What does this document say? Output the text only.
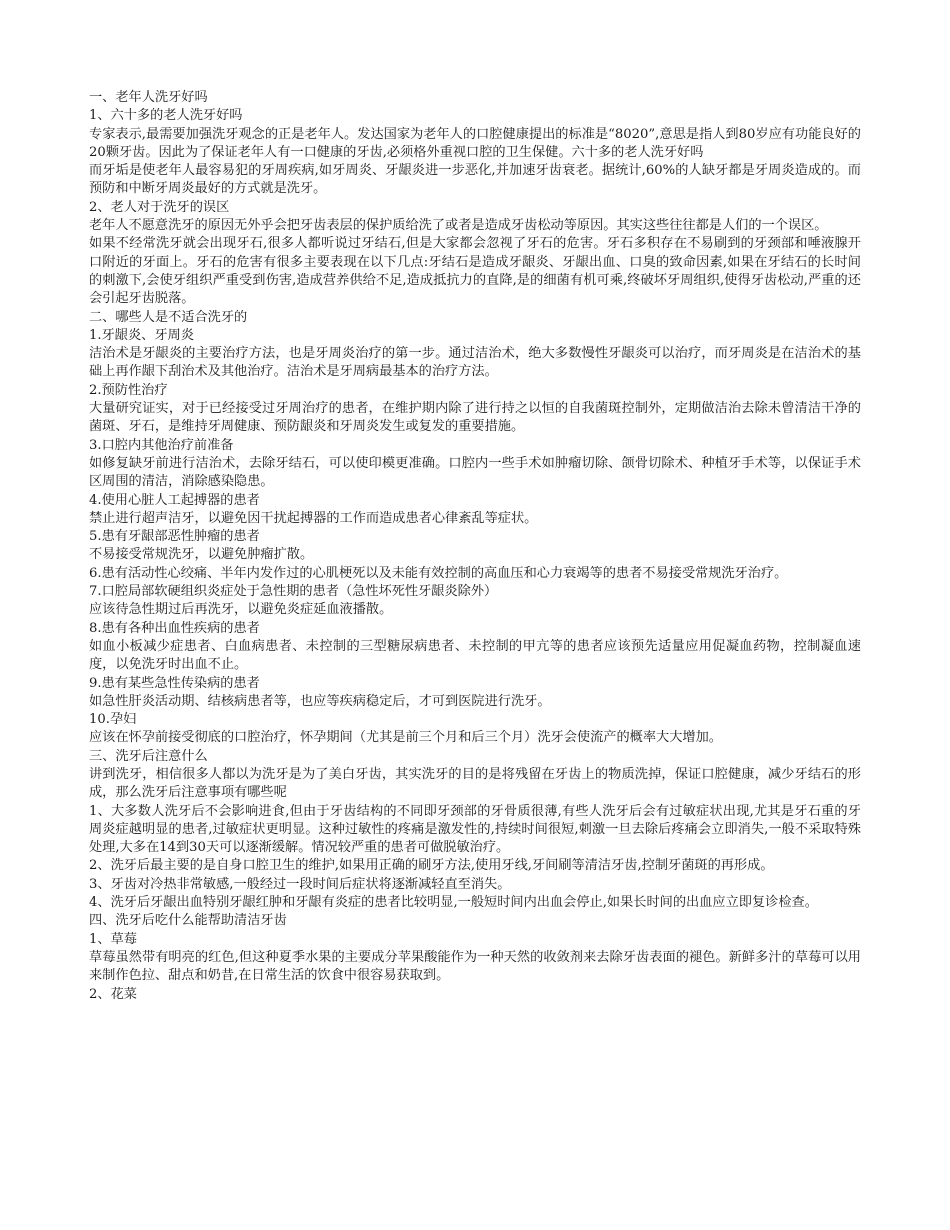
一、老年人洗牙好吗

1、六十多的老人洗牙好吗

专家表示,最需要加强洗牙观念的正是老年人。发达国家为老年人的口腔健康提出的标准是“8020”,意思是指人到80岁应有功能良好的20颗牙齿。因此为了保证老年人有一口健康的牙齿,必须格外重视口腔的卫生保健。六十多的老人洗牙好吗

而牙垢是使老年人最容易犯的牙周疾病,如牙周炎、牙龈炎进一步恶化,并加速牙齿衰老。据统计,60%的人缺牙都是牙周炎造成的。而预防和中断牙周炎最好的方式就是洗牙。

2、老人对于洗牙的误区

老年人不愿意洗牙的原因无外乎会把牙齿表层的保护质给洗了或者是造成牙齿松动等原因。其实这些往往都是人们的一个误区。

如果不经常洗牙就会出现牙石,很多人都听说过牙结石,但是大家都会忽视了牙石的危害。牙石多积存在不易刷到的牙颈部和唾液腺开口附近的牙面上。牙石的危害有很多主要表现在以下几点:牙结石是造成牙龈炎、牙龈出血、口臭的致命因素,如果在牙结石的长时间的刺激下,会使牙组织严重受到伤害,造成营养供给不足,造成抵抗力的直降,是的细菌有机可乘,终破坏牙周组织,使得牙齿松动,严重的还会引起牙齿脱落。

二、哪些人是不适合洗牙的

1.牙龈炎、牙周炎

洁治术是牙龈炎的主要治疗方法，也是牙周炎治疗的第一步。通过洁治术，绝大多数慢性牙龈炎可以治疗，而牙周炎是在洁治术的基础上再作龈下刮治术及其他治疗。洁治术是牙周病最基本的治疗方法。

2.预防性治疗

大量研究证实，对于已经接受过牙周治疗的患者，在维护期内除了进行持之以恒的自我菌斑控制外，定期做洁治去除未曾清洁干净的菌斑、牙石，是维持牙周健康、预防龈炎和牙周炎发生或复发的重要措施。

3.口腔内其他治疗前准备

如修复缺牙前进行洁治术，去除牙结石，可以使印模更准确。口腔内一些手术如肿瘤切除、颌骨切除术、种植牙手术等，以保证手术区周围的清洁，消除感染隐患。

4.使用心脏人工起搏器的患者

禁止进行超声洁牙，以避免因干扰起搏器的工作而造成患者心律紊乱等症状。

5.患有牙龈部恶性肿瘤的患者

不易接受常规洗牙，以避免肿瘤扩散。

6.患有活动性心绞痛、半年内发作过的心肌梗死以及未能有效控制的高血压和心力衰竭等的患者不易接受常规洗牙治疗。

7.口腔局部软硬组织炎症处于急性期的患者（急性坏死性牙龈炎除外）

应该待急性期过后再洗牙，以避免炎症延血液播散。

8.患有各种出血性疾病的患者

如血小板减少症患者、白血病患者、未控制的三型糖尿病患者、未控制的甲亢等的患者应该预先适量应用促凝血药物，控制凝血速度，以免洗牙时出血不止。

9.患有某些急性传染病的患者

如急性肝炎活动期、结核病患者等，也应等疾病稳定后，才可到医院进行洗牙。

10.孕妇

应该在怀孕前接受彻底的口腔治疗，怀孕期间（尤其是前三个月和后三个月）洗牙会使流产的概率大大增加。

三、洗牙后注意什么

讲到洗牙，相信很多人都以为洗牙是为了美白牙齿，其实洗牙的目的是将残留在牙齿上的物质洗掉，保证口腔健康，减少牙结石的形成，那么洗牙后注意事项有哪些呢

1、大多数人洗牙后不会影响进食,但由于牙齿结构的不同即牙颈部的牙骨质很薄,有些人洗牙后会有过敏症状出现,尤其是牙石重的牙周炎症越明显的患者,过敏症状更明显。这种过敏性的疼痛是激发性的,持续时间很短,刺激一旦去除后疼痛会立即消失,一般不采取特殊处理,大多在14到30天可以逐渐缓解。情况较严重的患者可做脱敏治疗。

2、洗牙后最主要的是自身口腔卫生的维护,如果用正确的刷牙方法,使用牙线,牙间刷等清洁牙齿,控制牙菌斑的再形成。

3、牙齿对冷热非常敏感,一般经过一段时间后症状将逐渐减轻直至消失。

4、洗牙后牙龈出血特别牙龈红肿和牙龈有炎症的患者比较明显,一般短时间内出血会停止,如果长时间的出血应立即复诊检查。

四、洗牙后吃什么能帮助清洁牙齿

1、草莓

草莓虽然带有明亮的红色,但这种夏季水果的主要成分苹果酸能作为一种天然的收敛剂来去除牙齿表面的褪色。新鲜多汁的草莓可以用来制作色拉、甜点和奶昔,在日常生活的饮食中很容易获取到。

2、花菜
